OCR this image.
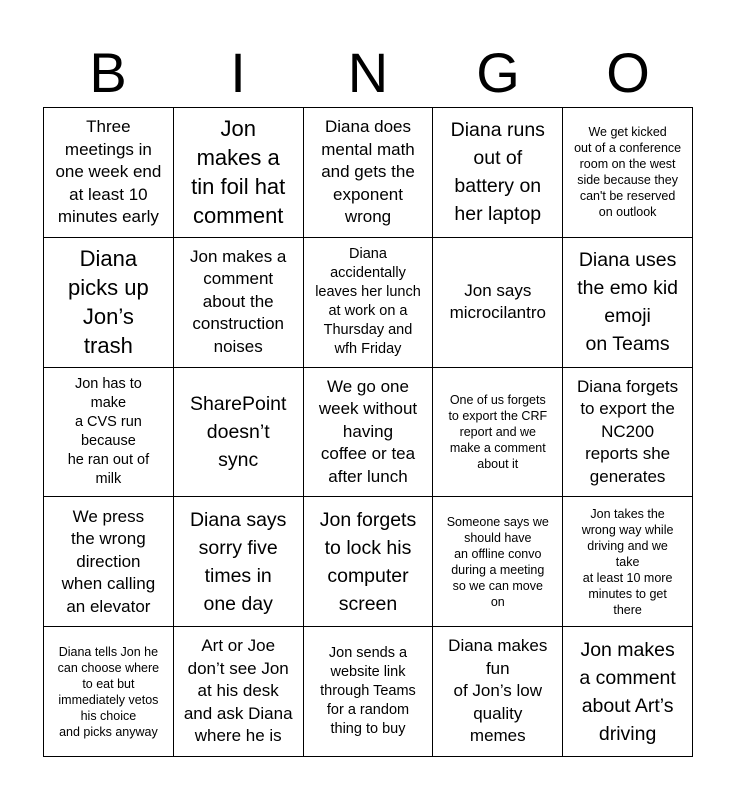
B	I	N	G	O
Three
meetings in
one week end
at least 10
minutes early
Jon
makes a
tin foil hat
comment
Diana does
mental math
and gets the
exponent
wrong
Diana runs
out of
battery on
her laptop
We get kicked
out of a conference
room on the west
side because they
can't be reserved
on outlook
Diana
picks up
Jon’s
trash
Jon makes a
comment
about the
construction
noises
Diana
accidentally
leaves her lunch
at work on a
Thursday and
wfh Friday
Jon says
microcilantro
Diana uses
the emo kid
emoji
on Teams
Jon has to
make
a CVS run
because
he ran out of
milk
SharePoint
doesn’t
sync
We go one
week without
having
coffee or tea
after lunch
One of us forgets
to export the CRF
report and we
make a comment
about it
Diana forgets
to export the
NC200
reports she
generates
We press
the wrong
direction
when calling
an elevator
Diana says
sorry five
times in
one day
Jon forgets
to lock his
computer
screen
Someone says we
should have
an offline convo
during a meeting
so we can move
on
Jon takes the
wrong way while
driving and we
take
at least 10 more
minutes to get
there
Diana tells Jon he
can choose where
to eat but
immediately vetos
his choice
and picks anyway
Art or Joe
don’t see Jon
at his desk
and ask Diana
where he is
Jon sends a
website link
through Teams
for a random
thing to buy
Diana makes
fun
of Jon’s low
quality
memes
Jon makes
a comment
about Art’s
driving
